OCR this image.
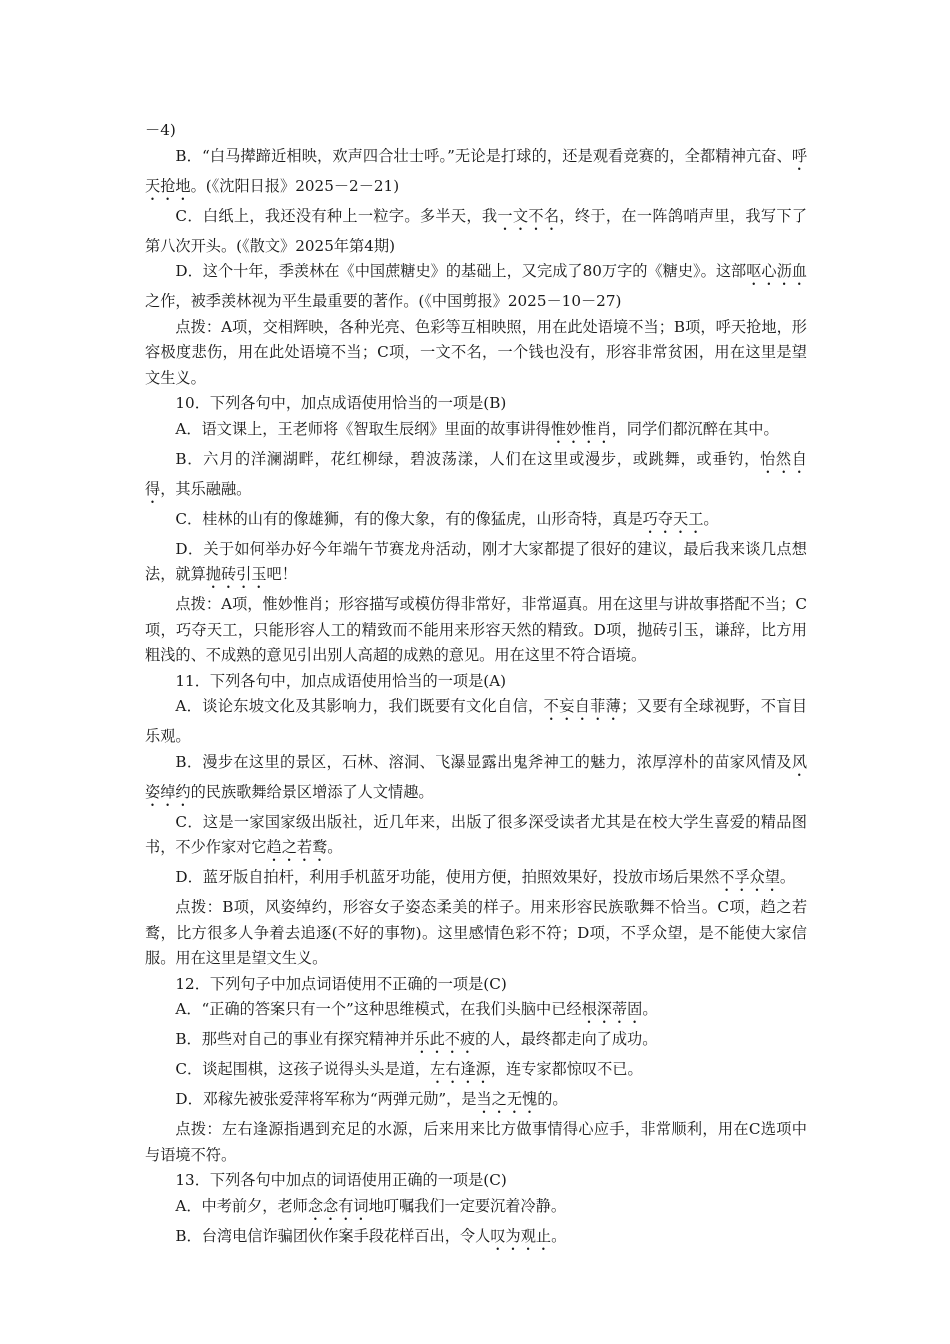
－4)

B．“白马撵蹄近相映，欢声四合壮士呼。”无论是打球的，还是观看竞赛的，全都精神亢奋、呼天抢地。(《沈阳日报》2025－2－21)

C．白纸上，我还没有种上一粒字。多半天，我一文不名，终于，在一阵鸽哨声里，我写下了第八次开头。(《散文》2025年第4期)

D．这个十年，季羡林在《中国蔗糖史》的基础上，又完成了80万字的《糖史》。这部呕心沥血之作，被季羡林视为平生最重要的著作。(《中国剪报》2025－10－27)

点拨：A项，交相辉映，各种光亮、色彩等互相映照，用在此处语境不当；B项，呼天抢地，形容极度悲伤，用在此处语境不当；C项，一文不名，一个钱也没有，形容非常贫困，用在这里是望文生义。

10．下列各句中，加点成语使用恰当的一项是(B)

A．语文课上，王老师将《智取生辰纲》里面的故事讲得惟妙惟肖，同学们都沉醉在其中。

B．六月的洋澜湖畔，花红柳绿，碧波荡漾，人们在这里或漫步，或跳舞，或垂钓，怡然自得，其乐融融。

C．桂林的山有的像雄狮，有的像大象，有的像猛虎，山形奇特，真是巧夺天工。

D．关于如何举办好今年端午节赛龙舟活动，刚才大家都提了很好的建议，最后我来谈几点想法，就算抛砖引玉吧！

点拨：A项，惟妙惟肖；形容描写或模仿得非常好，非常逼真。用在这里与讲故事搭配不当；C项，巧夺天工，只能形容人工的精致而不能用来形容天然的精致。D项，抛砖引玉，谦辞，比方用粗浅的、不成熟的意见引出别人高超的成熟的意见。用在这里不符合语境。

11．下列各句中，加点成语使用恰当的一项是(A)

A．谈论东坡文化及其影响力，我们既要有文化自信，不妄自菲薄；又要有全球视野，不盲目乐观。

B．漫步在这里的景区，石林、溶洞、飞瀑显露出鬼斧神工的魅力，浓厚淳朴的苗家风情及风姿绰约的民族歌舞给景区增添了人文情趣。

C．这是一家国家级出版社，近几年来，出版了很多深受读者尤其是在校大学生喜爱的精品图书，不少作家对它趋之若鹜。

D．蓝牙版自拍杆，利用手机蓝牙功能，使用方便，拍照效果好，投放市场后果然不孚众望。

点拨：B项，风姿绰约，形容女子姿态柔美的样子。用来形容民族歌舞不恰当。C项，趋之若鹜，比方很多人争着去追逐(不好的事物)。这里感情色彩不符；D项，不孚众望，是不能使大家信服。用在这里是望文生义。

12．下列句子中加点词语使用不正确的一项是(C)

A．“正确的答案只有一个”这种思维模式，在我们头脑中已经根深蒂固。

B．那些对自己的事业有探究精神并乐此不疲的人，最终都走向了成功。

C．谈起围棋，这孩子说得头头是道，左右逢源，连专家都惊叹不已。

D．邓稼先被张爱萍将军称为“两弹元勋”，是当之无愧的。

点拨：左右逢源指遇到充足的水源，后来用来比方做事情得心应手，非常顺利，用在C选项中与语境不符。

13．下列各句中加点的词语使用正确的一项是(C)

A．中考前夕，老师念念有词地叮嘱我们一定要沉着冷静。

B．台湾电信诈骗团伙作案手段花样百出，令人叹为观止。
